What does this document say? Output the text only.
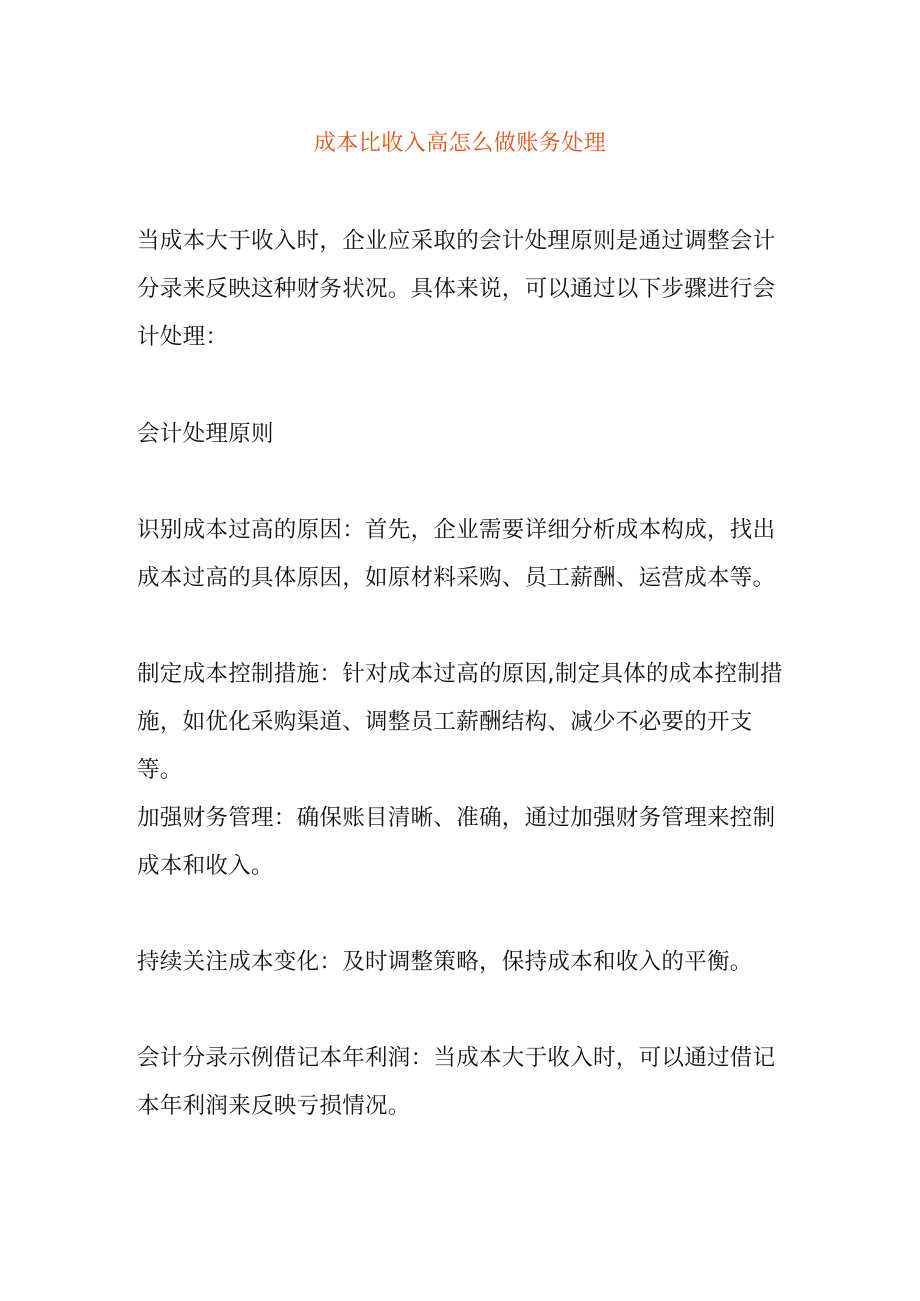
成本比收入高怎么做账务处理

当成本大于收入时，企业应采取的会计处理原则是通过调整会计分录来反映这种财务状况。具体来说，可以通过以下步骤进行会计处理：

会计处理原则

识别成本过高的原因：首先，企业需要详细分析成本构成，找出成本过高的具体原因，如原材料采购、员工薪酬、运营成本等。

制定成本控制措施：针对成本过高的原因,制定具体的成本控制措施，如优化采购渠道、调整员工薪酬结构、减少不必要的开支等。

加强财务管理：确保账目清晰、准确，通过加强财务管理来控制成本和收入。

持续关注成本变化：及时调整策略，保持成本和收入的平衡。

会计分录示例借记本年利润：当成本大于收入时，可以通过借记本年利润来反映亏损情况。
